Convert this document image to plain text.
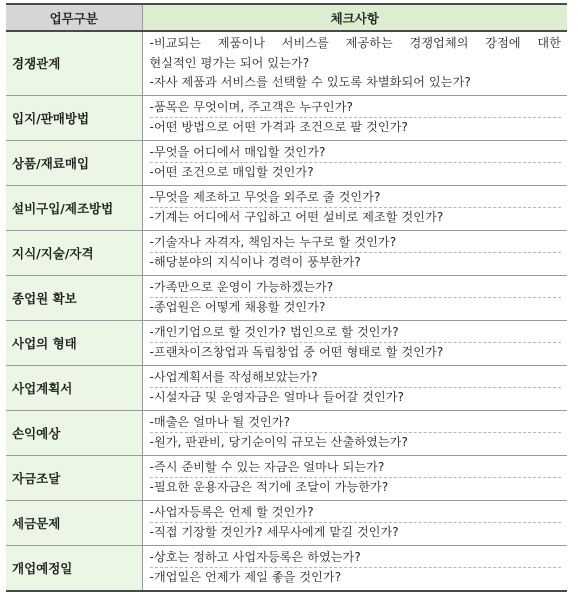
업무구분	체크사항
경쟁관계	-비교되는 제품이나 서비스를 제공하는 경쟁업체의 강점에 대한
현실적인 평가는 되어 있는가?
-자사 제품과 서비스를 선택할 수 있도록 차별화되어 있는가?

입지/판매방법	-품목은 무엇이며, 주고객은 누구인가?
-어떤 방법으로 어떤 가격과 조건으로 팔 것인가?

상품/재료매입	-무엇을 어디에서 매입할 것인가?
-어떤 조건으로 매입할 것인가?

설비구입/제조방법	-무엇을 제조하고 무엇을 외주로 줄 것인가?
-기계는 어디에서 구입하고 어떤 설비로 제조할 것인가?

지식/지술/자격	-기술자나 자격자, 책임자는 누구로 할 것인가?
-해당분야의 지식이나 경력이 풍부한가?

종업원 확보	-가족만으로 운영이 가능하겠는가?
-종업원은 어떻게 채용할 것인가?

사업의 형태	-개인기업으로 할 것인가? 법인으로 할 것인가?
-프랜차이즈창업과 독립창업 중 어떤 형태로 할 것인가?

사업계획서	-사업계획서를 작성해보았는가?
-시설자금 및 운영자금은 얼마나 들어갈 것인가?

손익예상	-매출은 얼마나 될 것인가?
-원가, 판관비, 당기순이익 규모는 산출하였는가?

자금조달	-즉시 준비할 수 있는 자금은 얼마나 되는가?
-필요한 운용자금은 적기에 조달이 가능한가?

세금문제	-사업자등록은 언제 할 것인가?
-직접 기장할 것인가? 세무사에게 맡길 것인가?

개업예정일	-상호는 정하고 사업자등록은 하였는가?
-개업일은 언제가 제일 좋을 것인가?
